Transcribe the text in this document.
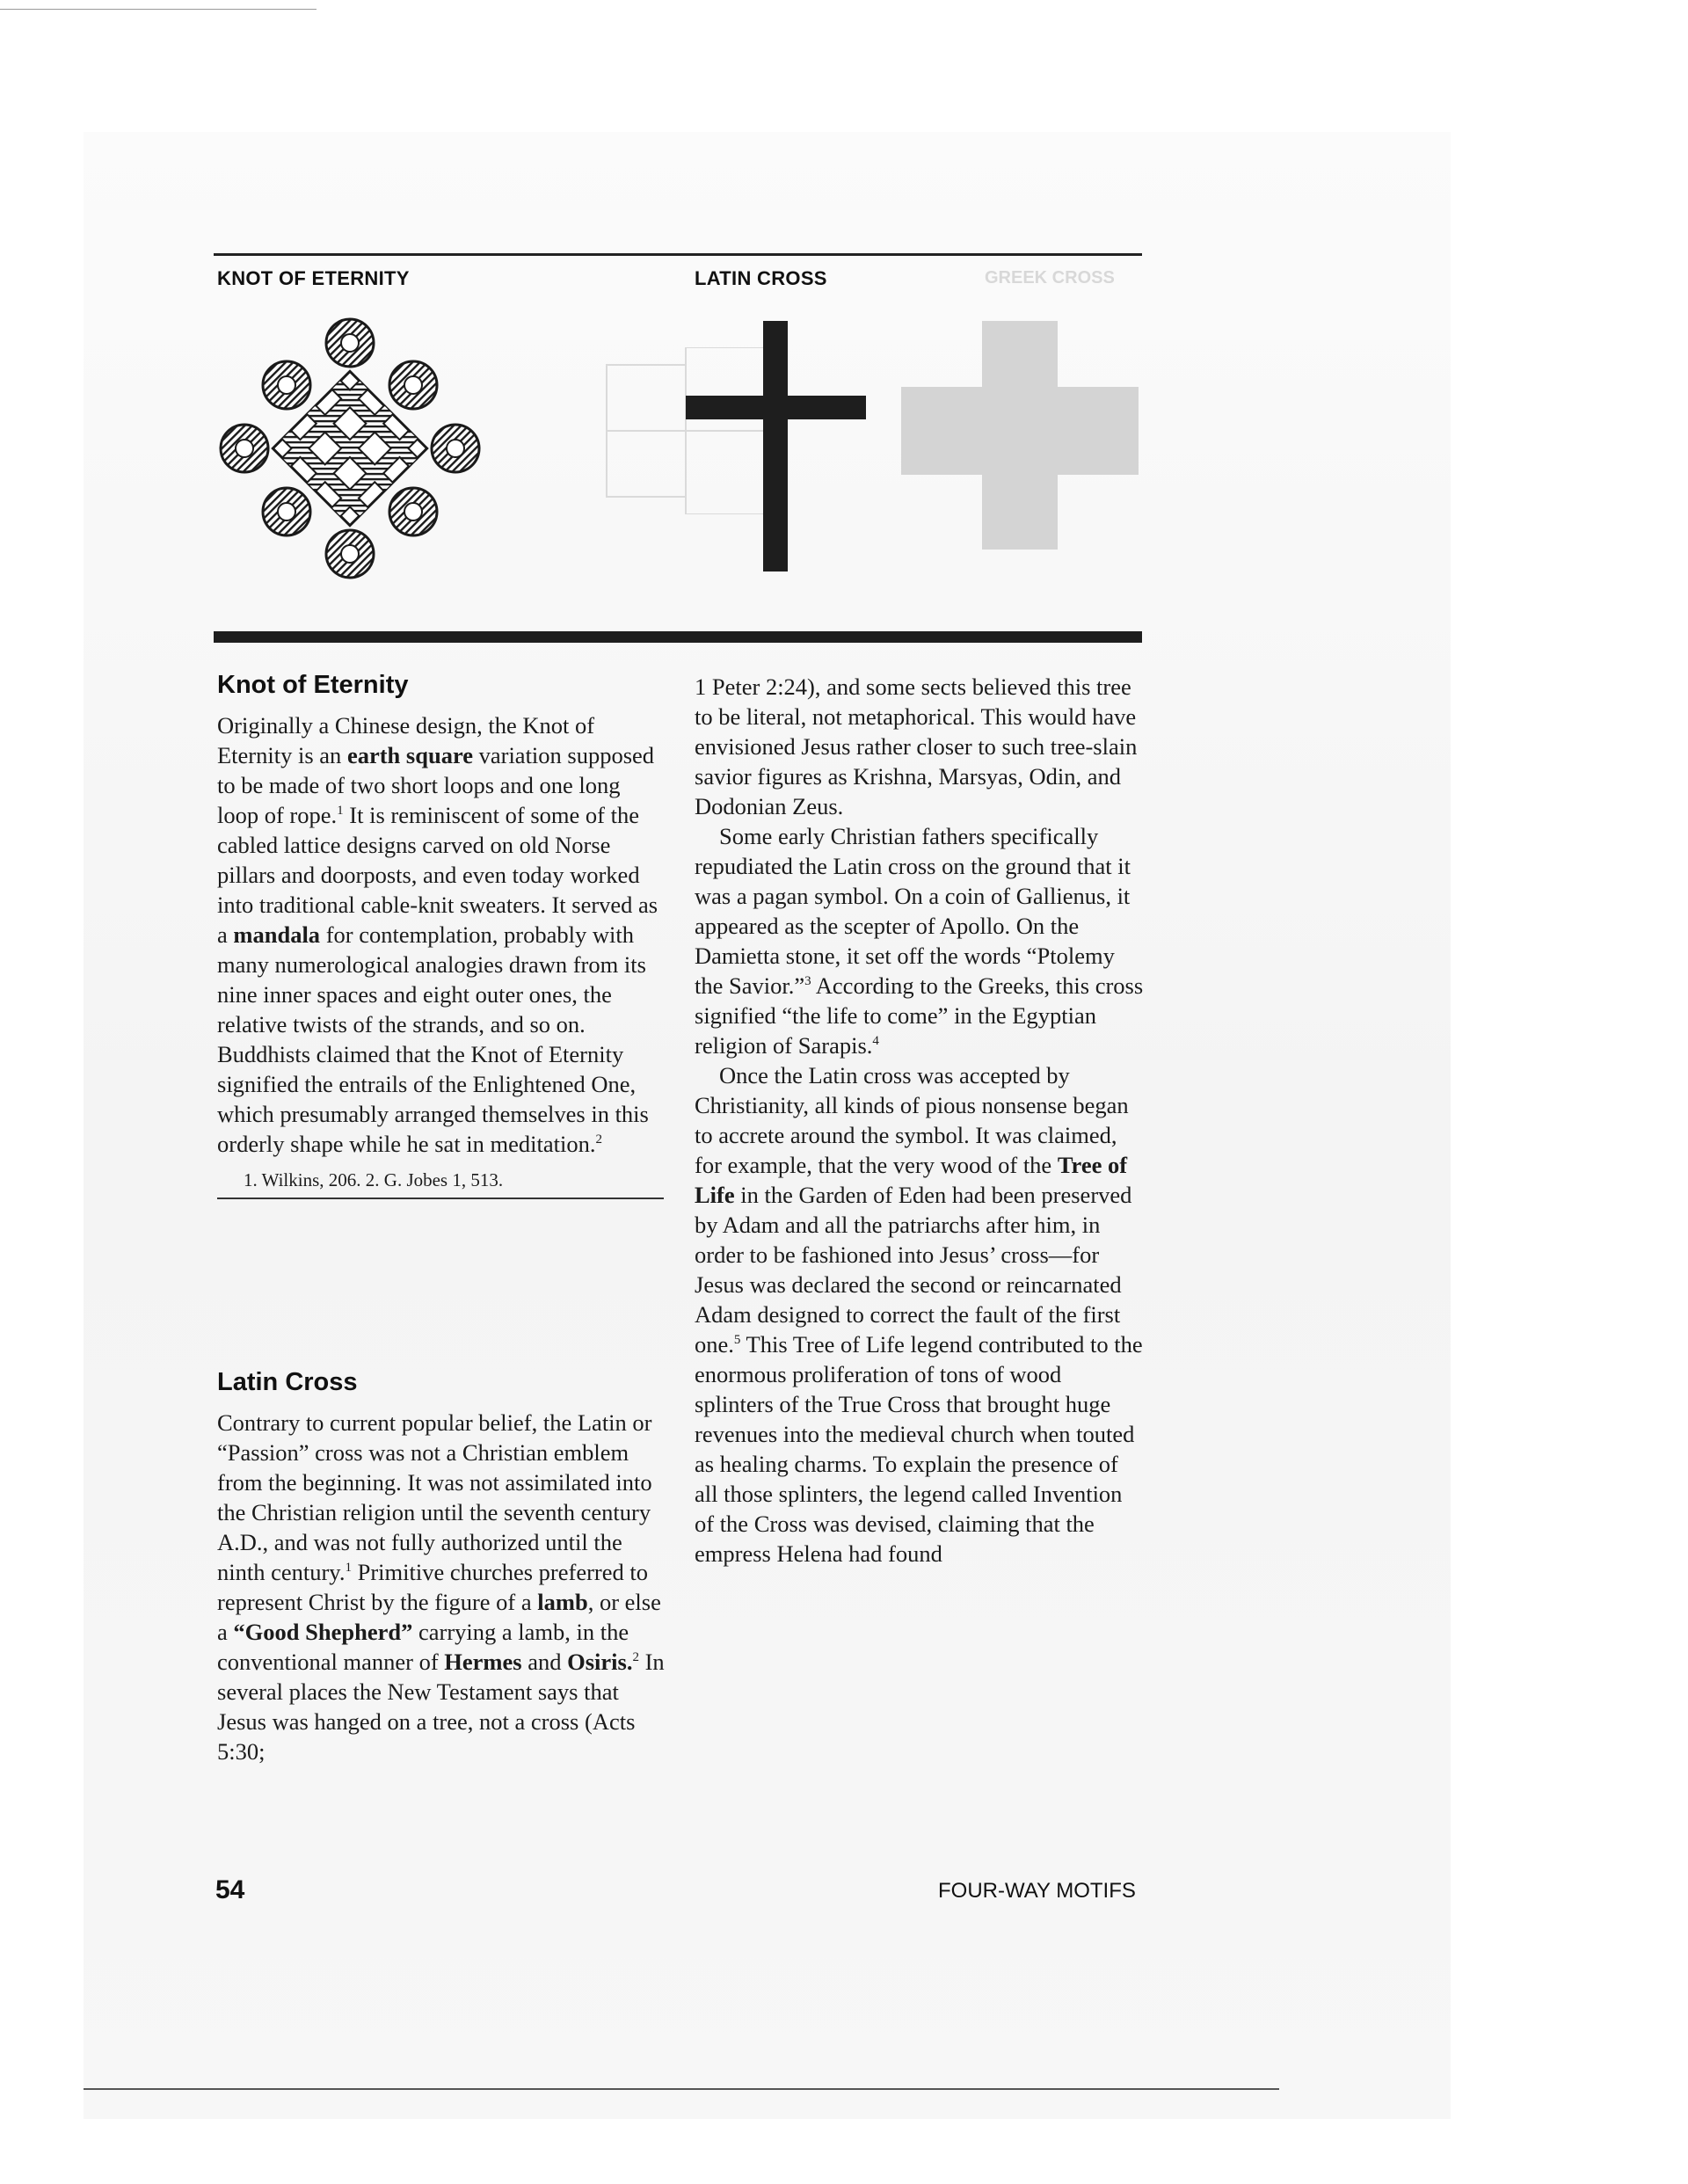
KNOT OF ETERNITY	LATIN CROSS	GREEK CROSS
Knot of Eternity

Originally a Chinese design, the Knot of Eternity is an earth square variation supposed to be made of two short loops and one long loop of rope.$^1$ It is reminiscent of some of the cabled lattice designs carved on old Norse pillars and doorposts, and even today worked into traditional cable-knit sweaters. It served as a mandala for contemplation, probably with many numerological analogies drawn from its nine inner spaces and eight outer ones, the relative twists of the strands, and so on. Buddhists claimed that the Knot of Eternity signified the entrails of the Enlightened One, which presumably arranged themselves in this orderly shape while he sat in meditation.$^2$

1. Wilkins, 206. 2. G. Jobes 1, 513.
Latin Cross

Contrary to current popular belief, the Latin or “Passion” cross was not a Christian emblem from the beginning. It was not assimilated into the Christian religion until the seventh century A.D., and was not fully authorized until the ninth century.$^1$ Primitive churches preferred to represent Christ by the figure of a lamb, or else a “Good Shepherd” carrying a lamb, in the conventional manner of Hermes and Osiris.$^2$ In several places the New Testament says that Jesus was hanged on a tree, not a cross (Acts 5:30;

1 Peter 2:24), and some sects believed this tree to be literal, not metaphorical. This would have envisioned Jesus rather closer to such tree-slain savior figures as Krishna, Marsyas, Odin, and Dodonian Zeus.

Some early Christian fathers specifically repudiated the Latin cross on the ground that it was a pagan symbol. On a coin of Gallienus, it appeared as the scepter of Apollo. On the Damietta stone, it set off the words “Ptolemy the Savior.”$^3$ According to the Greeks, this cross signified “the life to come” in the Egyptian religion of Sarapis.$^4$

Once the Latin cross was accepted by Christianity, all kinds of pious nonsense began to accrete around the symbol. It was claimed, for example, that the very wood of the Tree of Life in the Garden of Eden had been preserved by Adam and all the patriarchs after him, in order to be fashioned into Jesus’ cross—for Jesus was declared the second or reincarnated Adam designed to correct the fault of the first one.$^5$ This Tree of Life legend contributed to the enormous proliferation of tons of wood splinters of the True Cross that brought huge revenues into the medieval church when touted as healing charms. To explain the presence of all those splinters, the legend called Invention of the Cross was devised, claiming that the empress Helena had found

54	FOUR-WAY MOTIFS
